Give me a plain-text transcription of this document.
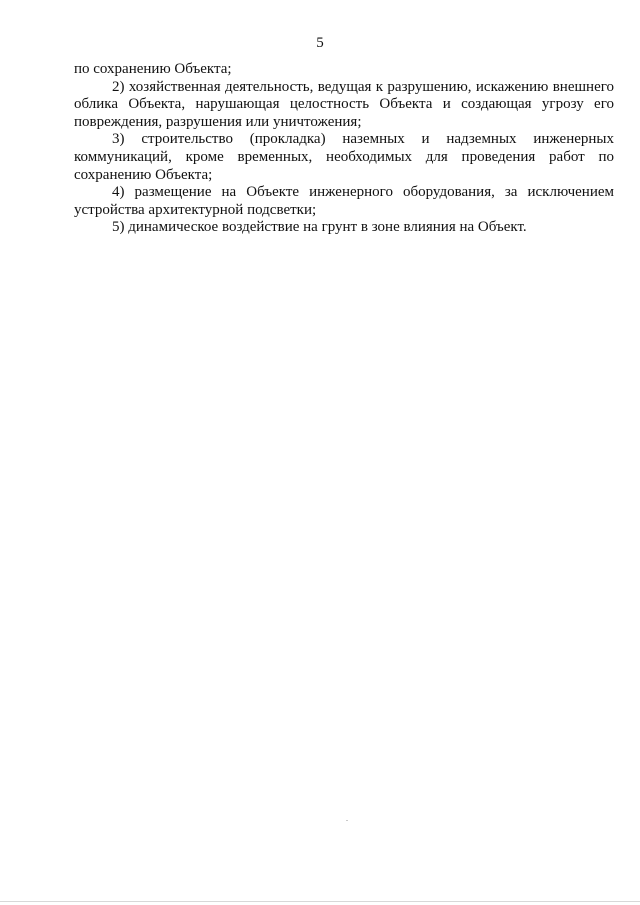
5

по сохранению Объекта;

2) хозяйственная деятельность, ведущая к разрушению, искажению внешнего облика Объекта, нарушающая целостность Объекта и создающая угрозу его повреждения, разрушения или уничтожения;

3) строительство (прокладка) наземных и надземных инженерных коммуникаций, кроме временных, необходимых для проведения работ по сохранению Объекта;

4) размещение на Объекте инженерного оборудования, за исключением устройства архитектурной подсветки;

5) динамическое воздействие на грунт в зоне влияния на Объект.
